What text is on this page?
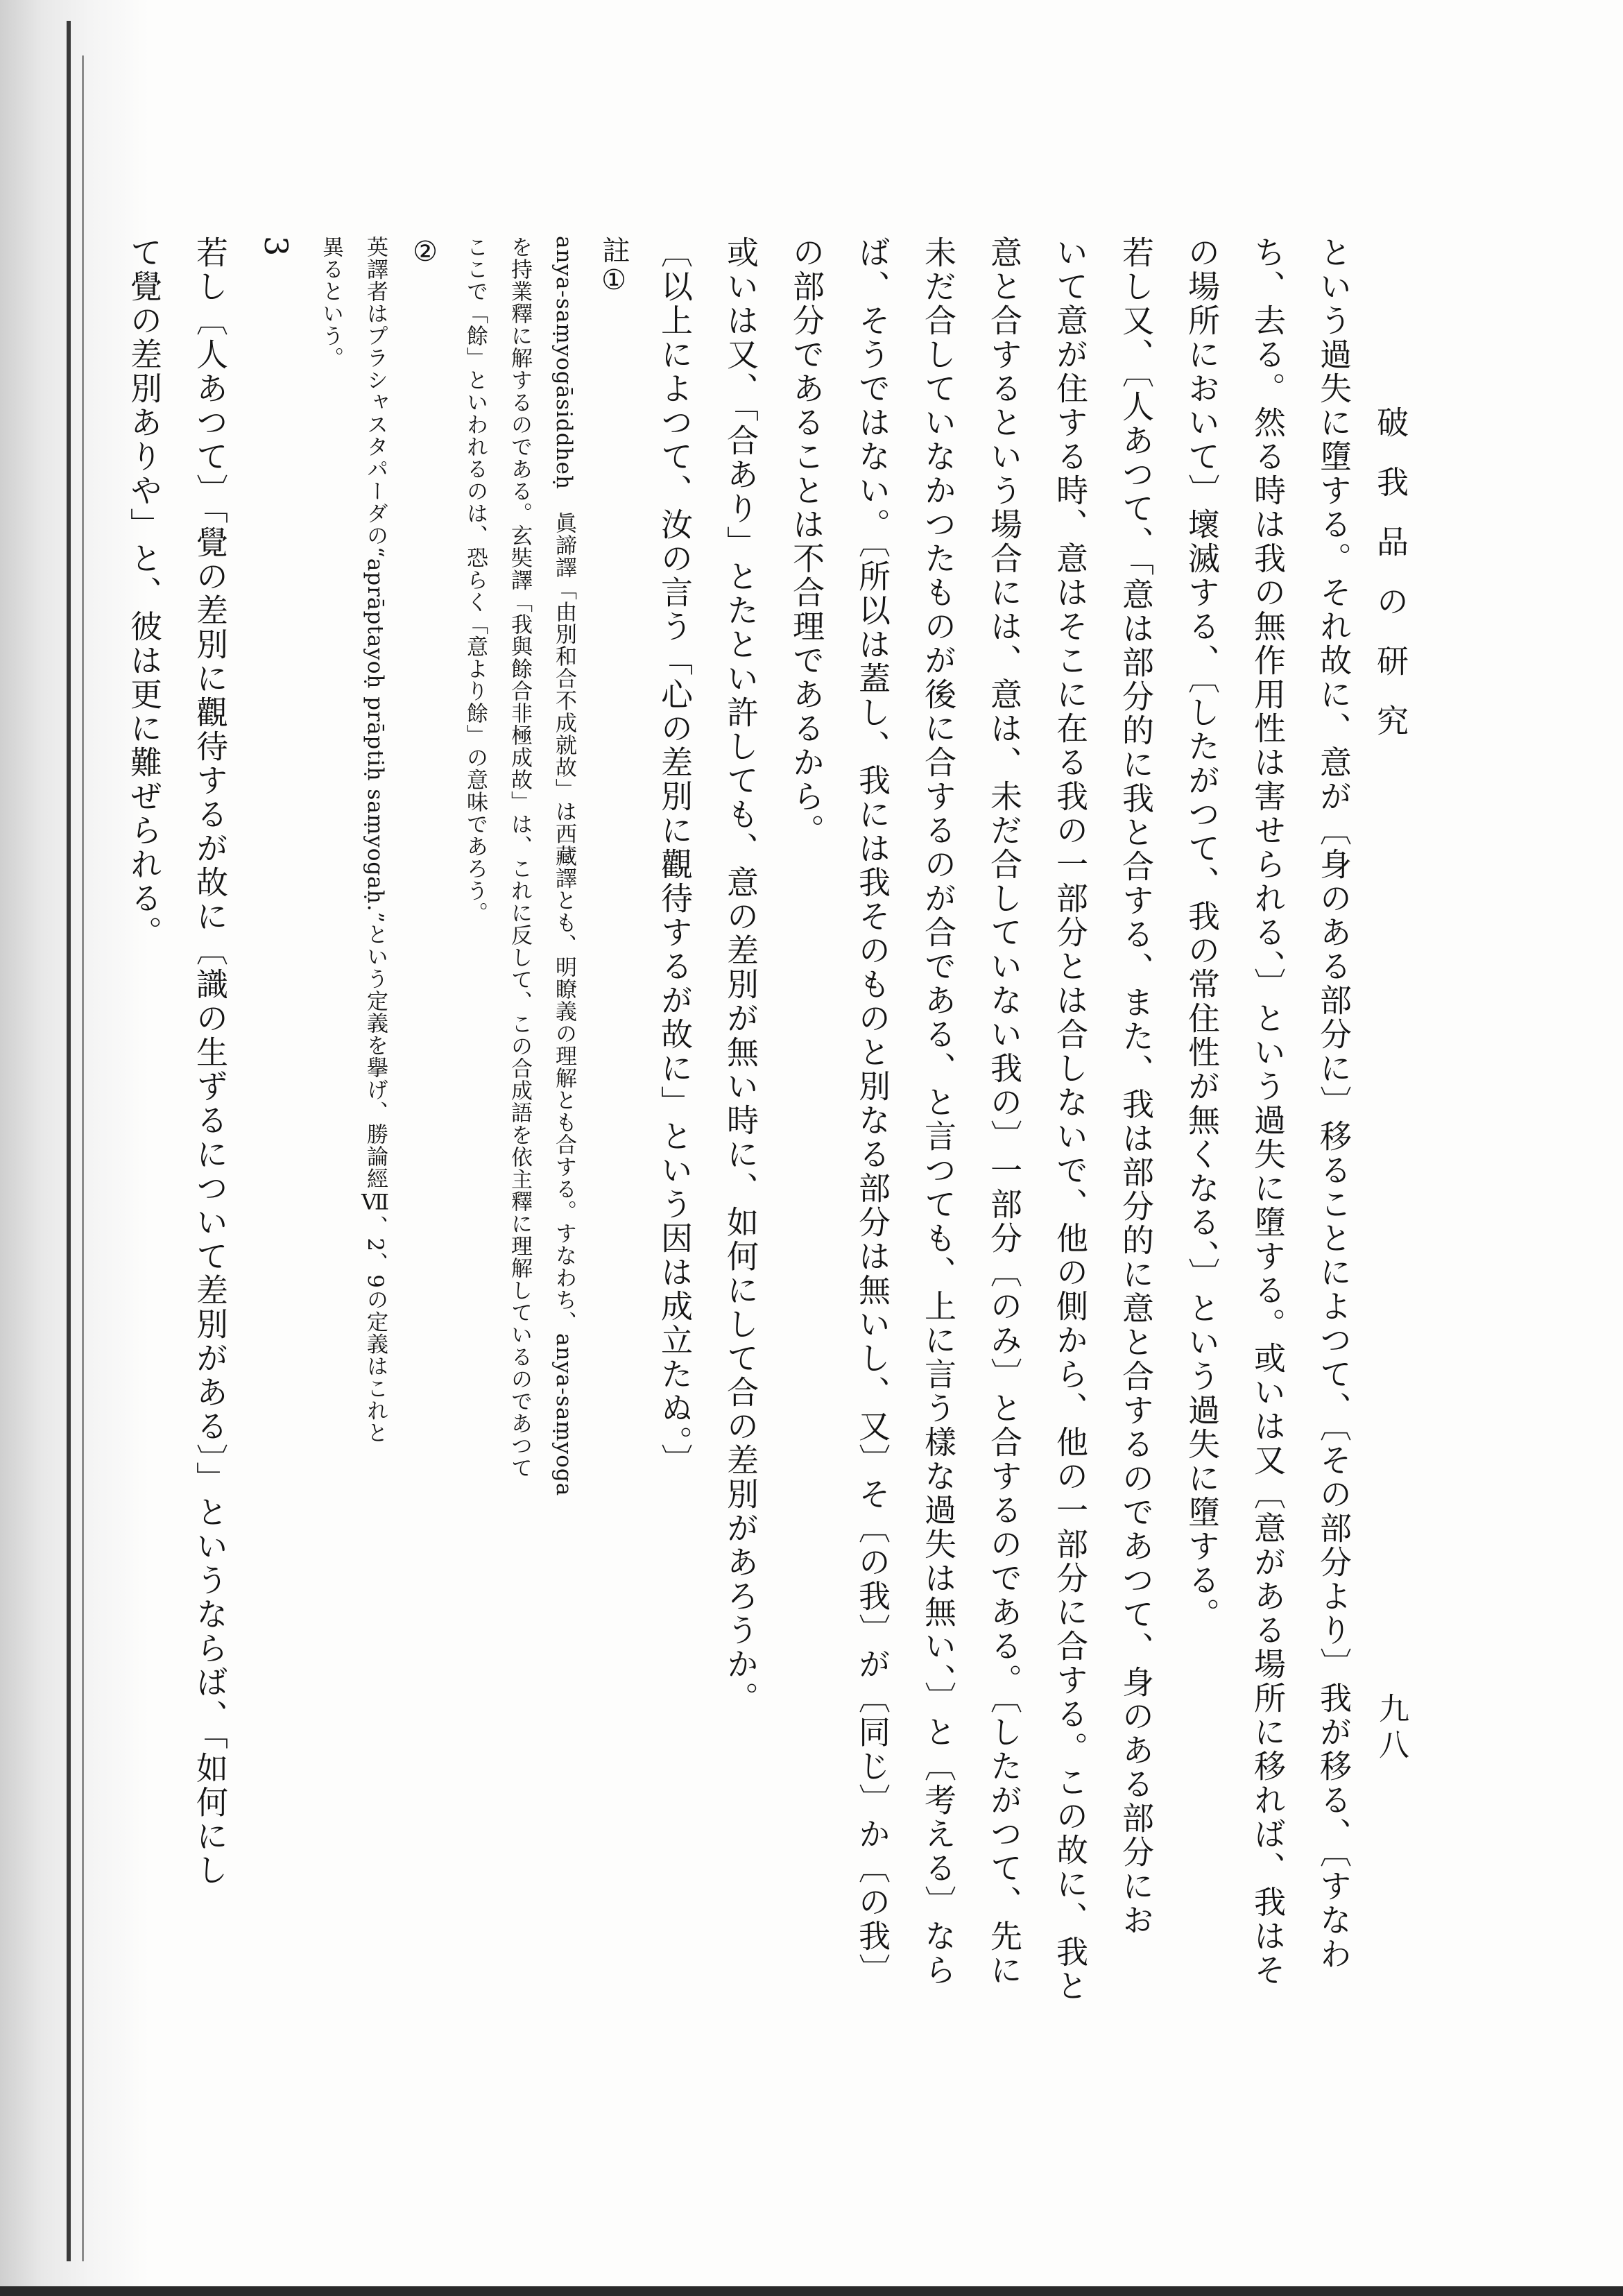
破我品の研究
九八

という過失に墮する。それ故に、意が〔身のある部分に〕移ることによつて、〔その部分より〕我が移る、〔すなわ

ち、去る。然る時は我の無作用性は害せられる、〕という過失に墮する。或いは又〔意がある場所に移れば、我はそ

の場所において〕壞滅する、〔したがつて、我の常住性が無くなる、〕という過失に墮する。

若し又、〔人あつて、「意は部分的に我と合する、また、我は部分的に意と合するのであつて、身のある部分にお

いて意が住する時、意はそこに在る我の一部分とは合しないで、他の側から、他の一部分に合する。この故に、我と

意と合するという場合には、意は、未だ合していない我の〕一部分〔のみ〕と合するのである。〔したがつて、先に

未だ合していなかつたものが後に合するのが合である、と言つても、上に言う樣な過失は無い、〕と〔考える〕なら

ば、そうではない。〔所以は蓋し、我には我そのものと別なる部分は無いし、又〕そ〔の我〕が〔同じ〕か〔の我〕

の部分であることは不合理であるから。

或いは又、「合あり」とたとい許しても、意の差別が無い時に、如何にして合の差別があろうか。

〔以上によつて、汝の言う「心の差別に觀待するが故に」という因は成立たぬ。〕

註①

anya-saṃyogāsiddheḥ　眞諦譯「由別和合不成就故」は西藏譯とも、明瞭義の理解とも合する。すなわち、anya-saṃyoga

を持業釋に解するのである。玄奘譯「我與餘合非極成故」は、これに反して、この合成語を依主釋に理解しているのであつて

ここで「餘」といわれるのは、恐らく「意より餘」の意味であろう。

②

英譯者はプラシャスタパーダの“aprāptayoḥ prāptiḥ saṃyogaḥ.”という定義を擧げ、勝論經Ⅶ、2、9の定義はこれと

異るという。

3

若し〔人あつて〕「覺の差別に觀待するが故に〔識の生ずるについて差別がある〕」というならば、「如何にし

て覺の差別ありや」と、彼は更に難ぜられる。
